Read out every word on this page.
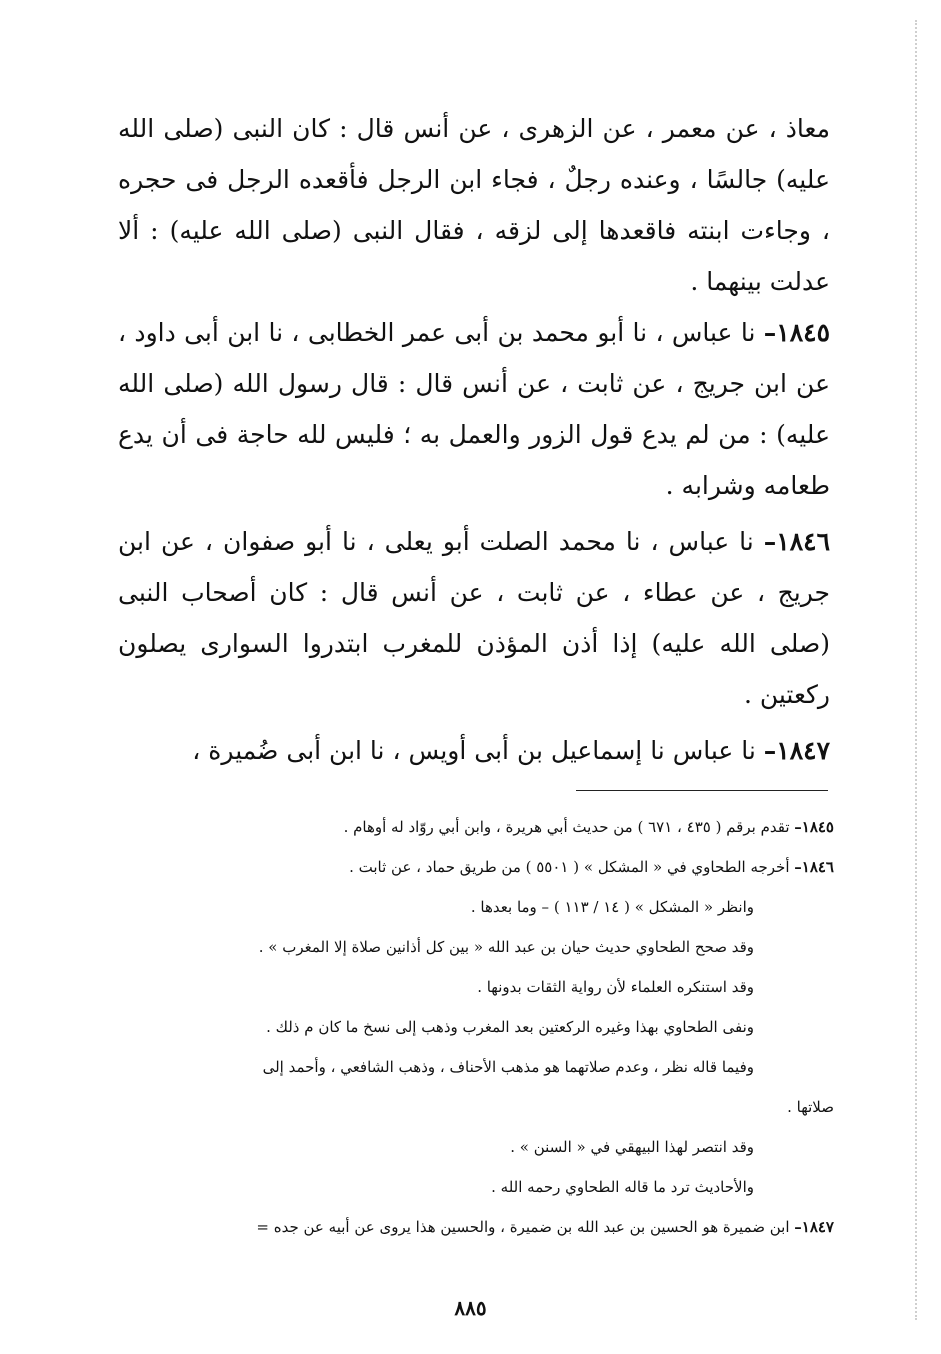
معاذ ، عن معمر ، عن الزهرى ، عن أنس قال : كان النبى (صلى الله عليه) جالسًا ، وعنده رجلٌ ، فجاء ابن الرجل فأقعده الرجل فى حجره ، وجاءت ابنته فاقعدها إلى لزقه ، فقال النبى (صلى الله عليه) : ألا عدلت بينهما .

١٨٤٥– نا عباس ، نا أبو محمد بن أبى عمر الخطابى ، نا ابن أبى داود ، عن ابن جريج ، عن ثابت ، عن أنس قال : قال رسول الله (صلى الله عليه) : من لم يدع قول الزور والعمل به ؛ فليس لله حاجة فى أن يدع طعامه وشرابه .

١٨٤٦– نا عباس ، نا محمد الصلت أبو يعلى ، نا أبو صفوان ، عن ابن جريج ، عن عطاء ، عن ثابت ، عن أنس قال : كان أصحاب النبى (صلى الله عليه) إذا أذن المؤذن للمغرب ابتدروا السوارى يصلون ركعتين .

١٨٤٧– نا عباس نا إسماعيل بن أبى أويس ، نا ابن أبى ضُميرة ،

١٨٤٥– تقدم برقم ( ٤٣٥ ، ٦٧١ ) من حديث أبي هريرة ، وابن أبي روّاد له أوهام .

١٨٤٦– أخرجه الطحاوي في « المشكل » ( ٥٥٠١ ) من طريق حماد ، عن ثابت .

وانظر « المشكل » ( ١٤ / ١١٣ ) – وما بعدها .

وقد صحح الطحاوي حديث حيان بن عبد الله « بين كل أذانين صلاة إلا المغرب » .

وقد استنكره العلماء لأن رواية الثقات بدونها .

ونفى الطحاوي بهذا وغيره الركعتين بعد المغرب وذهب إلى نسخ ما كان م ذلك .

وفيما قاله نظر ، وعدم صلاتهما هو مذهب الأحناف ، وذهب الشافعي ، وأحمد إلى

صلاتها .

وقد انتصر لهذا البيهقي في « السنن » .

والأحاديث ترد ما قاله الطحاوي رحمه الله .

١٨٤٧– ابن ضميرة هو الحسين بن عبد الله بن ضميرة ، والحسين هذا يروى عن أبيه عن جده =

٨٨٥
